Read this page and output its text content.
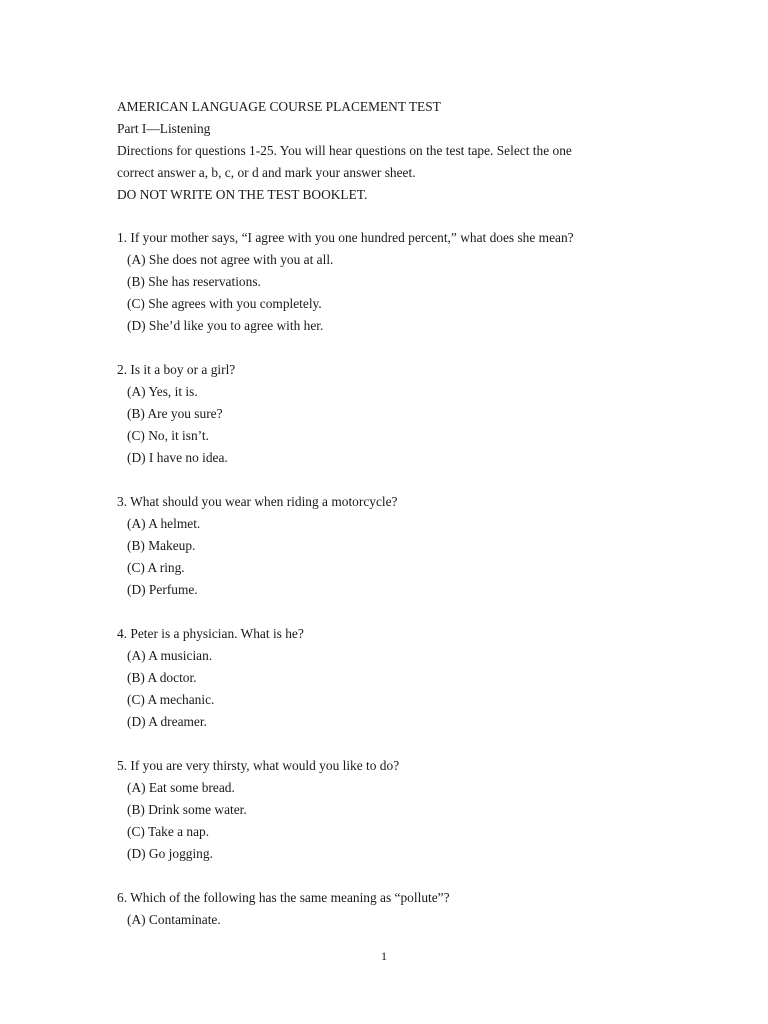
AMERICAN LANGUAGE COURSE PLACEMENT TEST
Part I—Listening
Directions for questions 1-25. You will hear questions on the test tape. Select the one
correct answer a, b, c, or d and mark your answer sheet.
DO NOT WRITE ON THE TEST BOOKLET.
1. If your mother says, “I agree with you one hundred percent,” what does she mean?
(A) She does not agree with you at all.
(B) She has reservations.
(C) She agrees with you completely.
(D) She’d like you to agree with her.
2. Is it a boy or a girl?
(A) Yes, it is.
(B) Are you sure?
(C) No, it isn’t.
(D) I have no idea.
3. What should you wear when riding a motorcycle?
(A) A helmet.
(B) Makeup.
(C) A ring.
(D) Perfume.
4. Peter is a physician. What is he?
(A) A musician.
(B) A doctor.
(C) A mechanic.
(D) A dreamer.
5. If you are very thirsty, what would you like to do?
(A) Eat some bread.
(B) Drink some water.
(C) Take a nap.
(D) Go jogging.
6. Which of the following has the same meaning as “pollute”?
(A) Contaminate.
1
